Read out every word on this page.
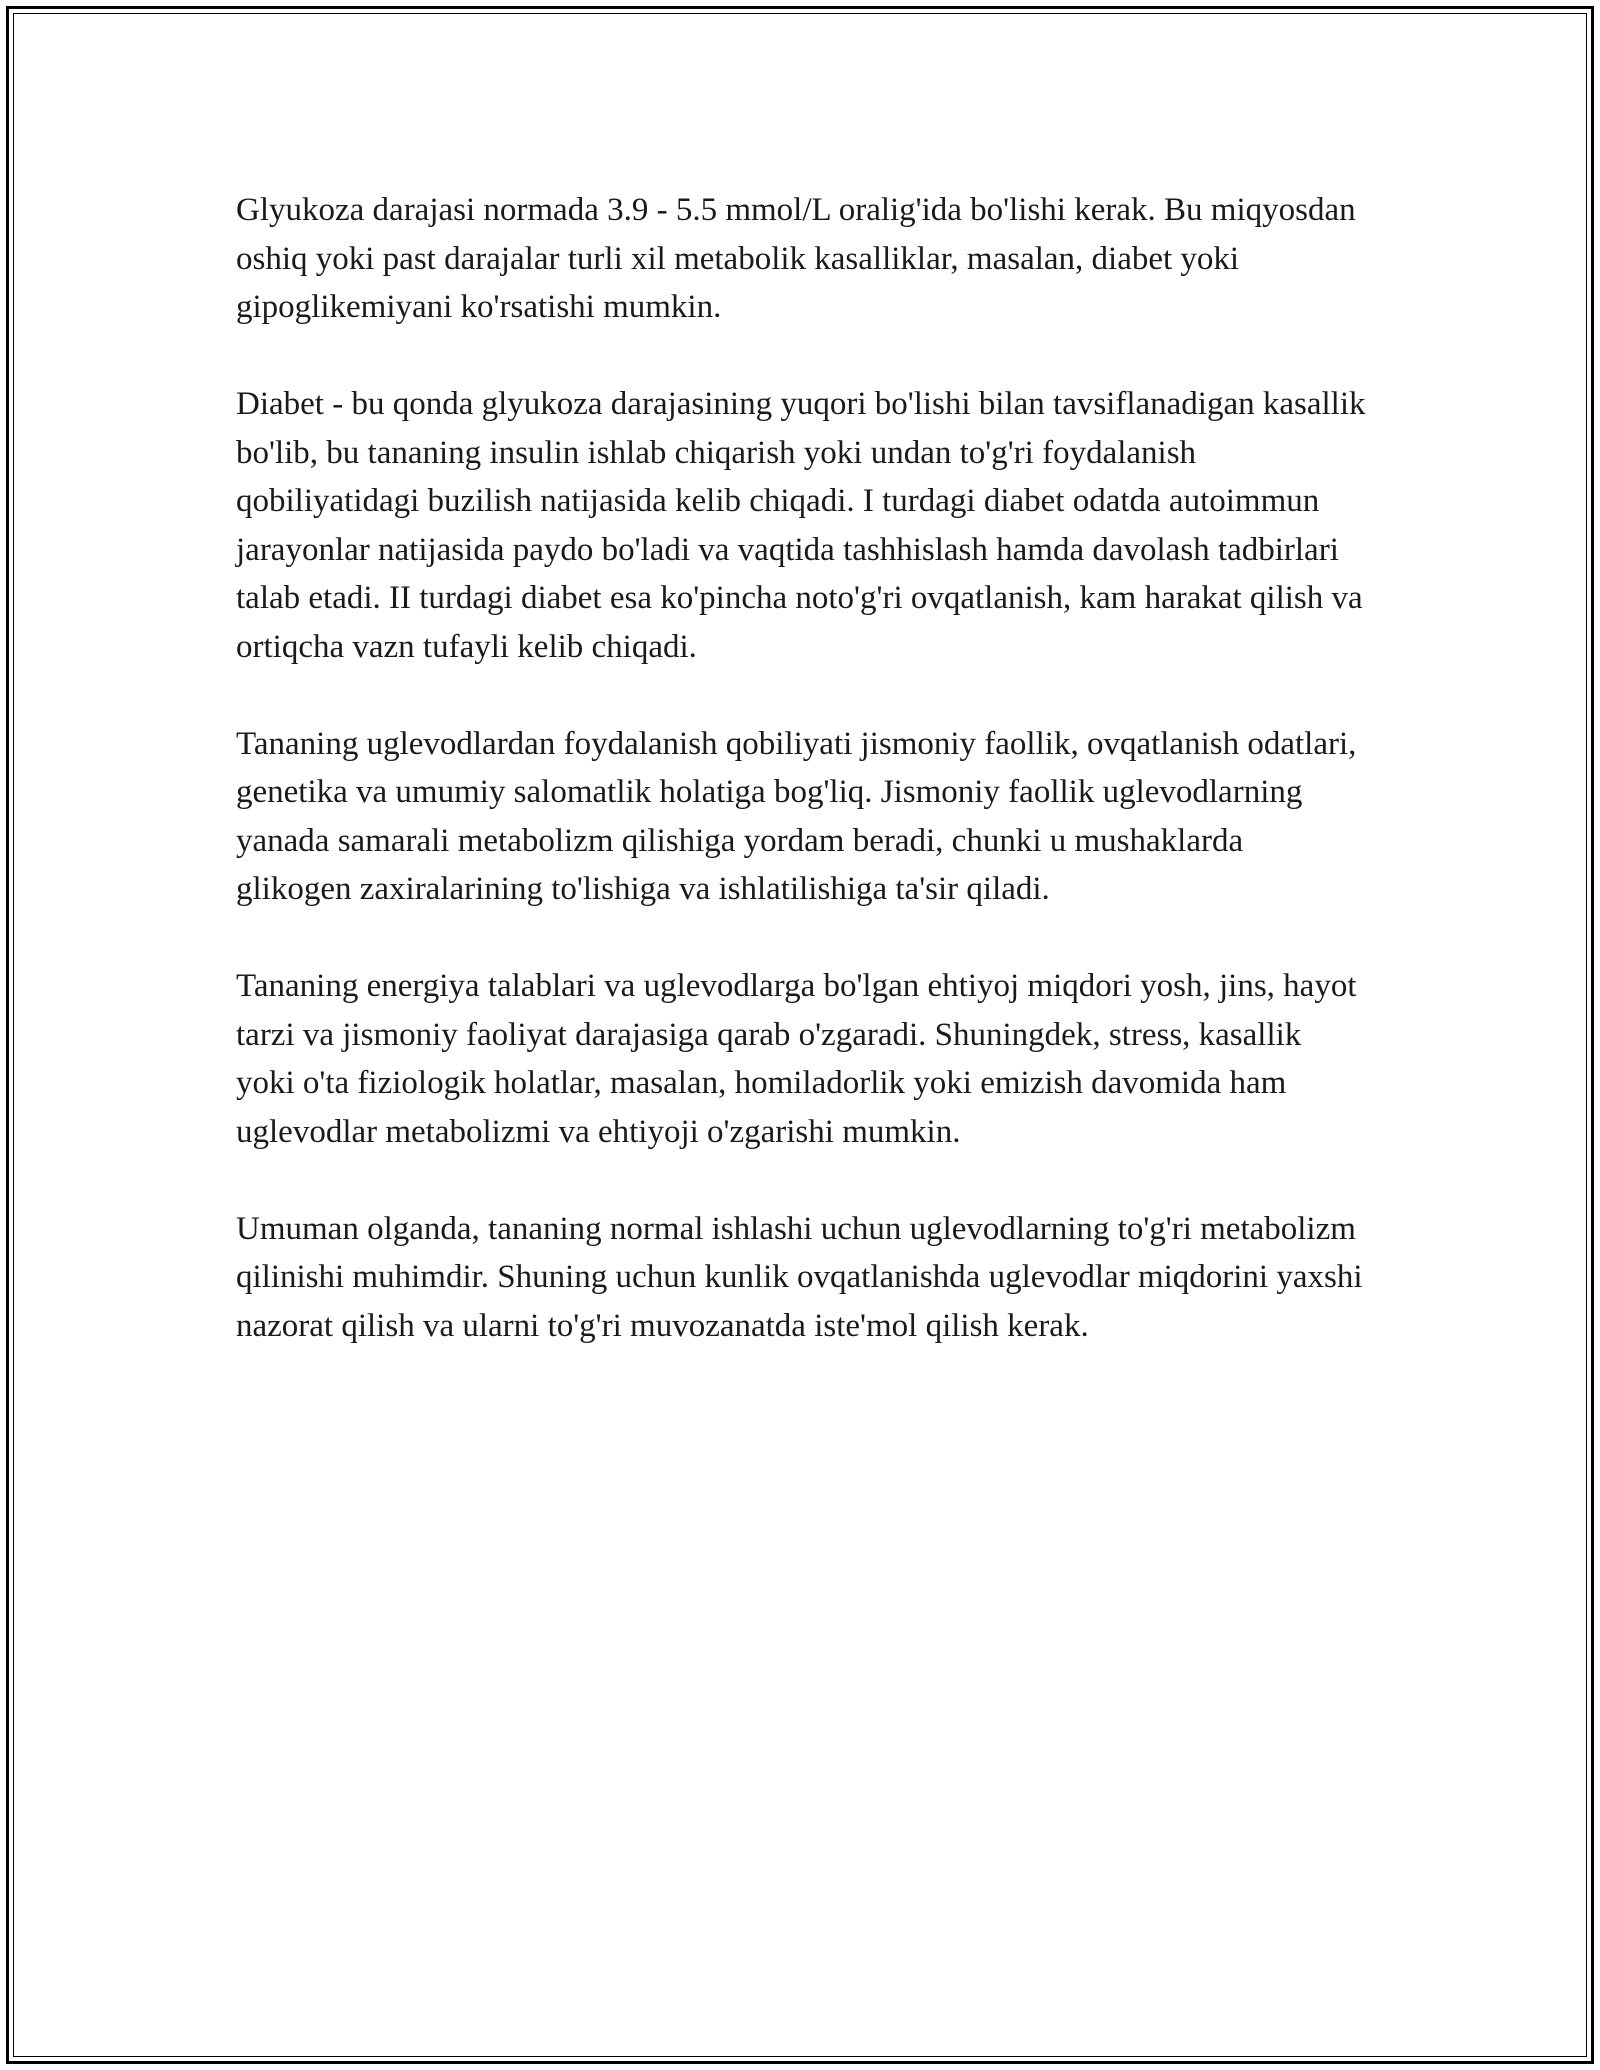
Glyukoza darajasi normada 3.9 - 5.5 mmol/L oralig'ida bo'lishi kerak. Bu miqyosdan oshiq yoki past darajalar turli xil metabolik kasalliklar, masalan, diabet yoki gipoglikemiyani ko'rsatishi mumkin.

Diabet - bu qonda glyukoza darajasining yuqori bo'lishi bilan tavsiflanadigan kasallik bo'lib, bu tananing insulin ishlab chiqarish yoki undan to'g'ri foydalanish qobiliyatidagi buzilish natijasida kelib chiqadi. I turdagi diabet odatda autoimmun jarayonlar natijasida paydo bo'ladi va vaqtida tashhislash hamda davolash tadbirlari talab etadi. II turdagi diabet esa ko'pincha noto'g'ri ovqatlanish, kam harakat qilish va ortiqcha vazn tufayli kelib chiqadi.

Tananing uglevodlardan foydalanish qobiliyati jismoniy faollik, ovqatlanish odatlari, genetika va umumiy salomatlik holatiga bog'liq. Jismoniy faollik uglevodlarning yanada samarali metabolizm qilishiga yordam beradi, chunki u mushaklarda glikogen zaxiralarining to'lishiga va ishlatilishiga ta'sir qiladi.

Tananing energiya talablari va uglevodlarga bo'lgan ehtiyoj miqdori yosh, jins, hayot tarzi va jismoniy faoliyat darajasiga qarab o'zgaradi. Shuningdek, stress, kasallik yoki o'ta fiziologik holatlar, masalan, homiladorlik yoki emizish davomida ham uglevodlar metabolizmi va ehtiyoji o'zgarishi mumkin.

Umuman olganda, tananing normal ishlashi uchun uglevodlarning to'g'ri metabolizm qilinishi muhimdir. Shuning uchun kunlik ovqatlanishda uglevodlar miqdorini yaxshi nazorat qilish va ularni to'g'ri muvozanatda iste'mol qilish kerak.
